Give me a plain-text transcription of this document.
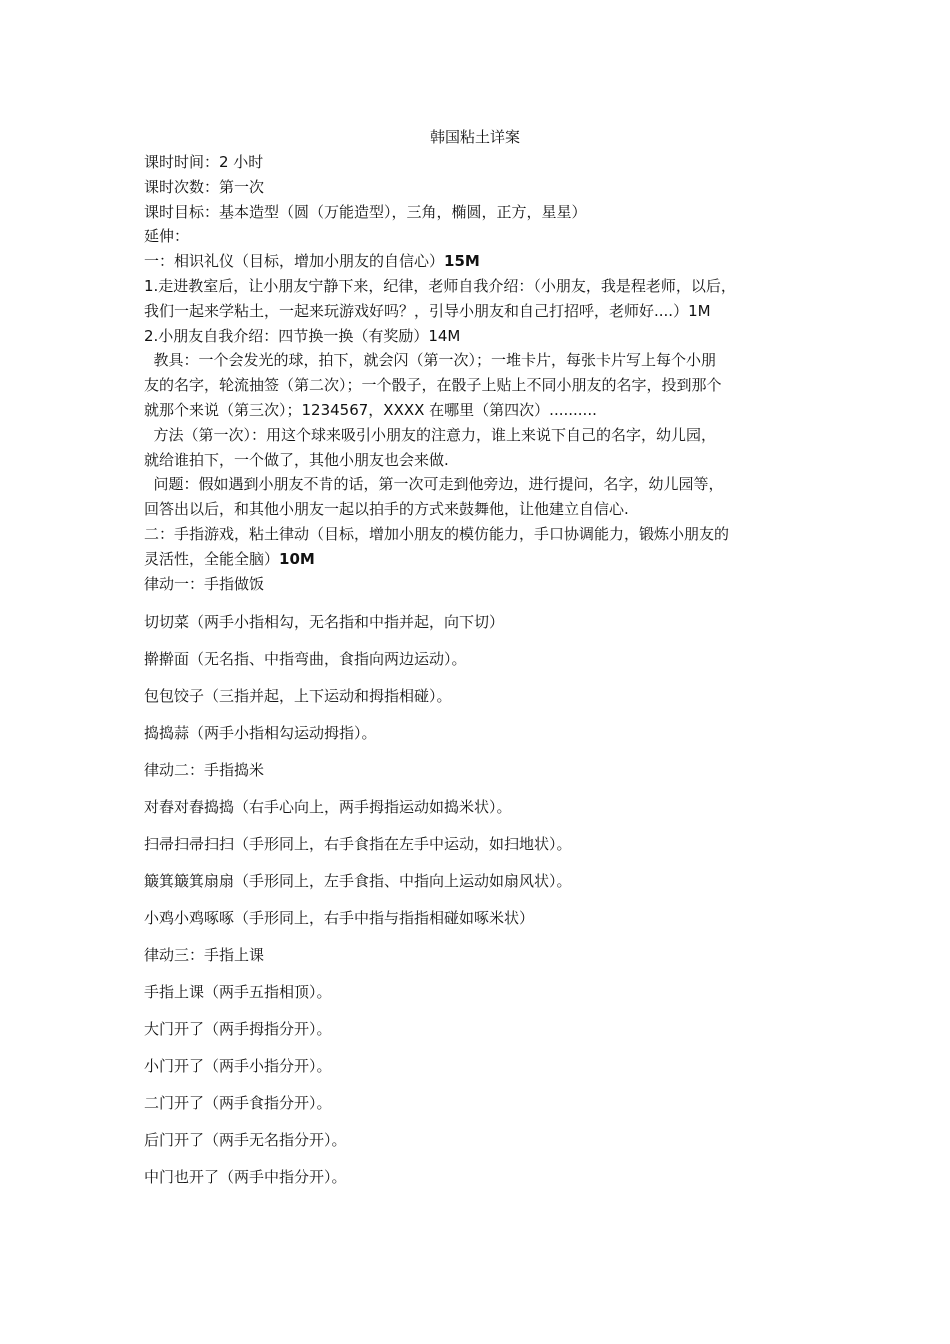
韩国粘土详案

课时时间：2 小时

课时次数：第一次

课时目标：基本造型（圆（万能造型），三角，椭圆，正方，星星）

延伸：

一：相识礼仪（目标，增加小朋友的自信心）15M

1.走进教室后，让小朋友宁静下来，纪律，老师自我介绍：（小朋友，我是程老师，以后，

我们一起来学粘土，一起来玩游戏好吗？，引导小朋友和自己打招呼，老师好....）1M

2.小朋友自我介绍：四节换一换（有奖励）14M

教具：一个会发光的球，拍下，就会闪（第一次）；一堆卡片，每张卡片写上每个小朋

友的名字，轮流抽签（第二次）；一个骰子，在骰子上贴上不同小朋友的名字，投到那个

就那个来说（第三次）；1234567，XXXX 在哪里（第四次）..........

方法（第一次）：用这个球来吸引小朋友的注意力，谁上来说下自己的名字，幼儿园，

就给谁拍下，一个做了，其他小朋友也会来做.

问题：假如遇到小朋友不肯的话，第一次可走到他旁边，进行提问，名字，幼儿园等，

回答出以后，和其他小朋友一起以拍手的方式来鼓舞他，让他建立自信心.

二：手指游戏，粘土律动（目标，增加小朋友的模仿能力，手口协调能力，锻炼小朋友的

灵活性，全能全脑）10M

律动一：手指做饭

切切菜（两手小指相勾，无名指和中指并起，向下切）

擀擀面（无名指、中指弯曲，食指向两边运动）。

包包饺子（三指并起，上下运动和拇指相碰）。

捣捣蒜（两手小指相勾运动拇指）。

律动二：手指捣米

对舂对舂捣捣（右手心向上，两手拇指运动如捣米状）。

扫帚扫帚扫扫（手形同上，右手食指在左手中运动，如扫地状）。

簸箕簸箕扇扇（手形同上，左手食指、中指向上运动如扇风状）。

小鸡小鸡啄啄（手形同上，右手中指与指指相碰如啄米状）

律动三：手指上课

手指上课（两手五指相顶）。

大门开了（两手拇指分开）。

小门开了（两手小指分开）。

二门开了（两手食指分开）。

后门开了（两手无名指分开）。

中门也开了（两手中指分开）。
